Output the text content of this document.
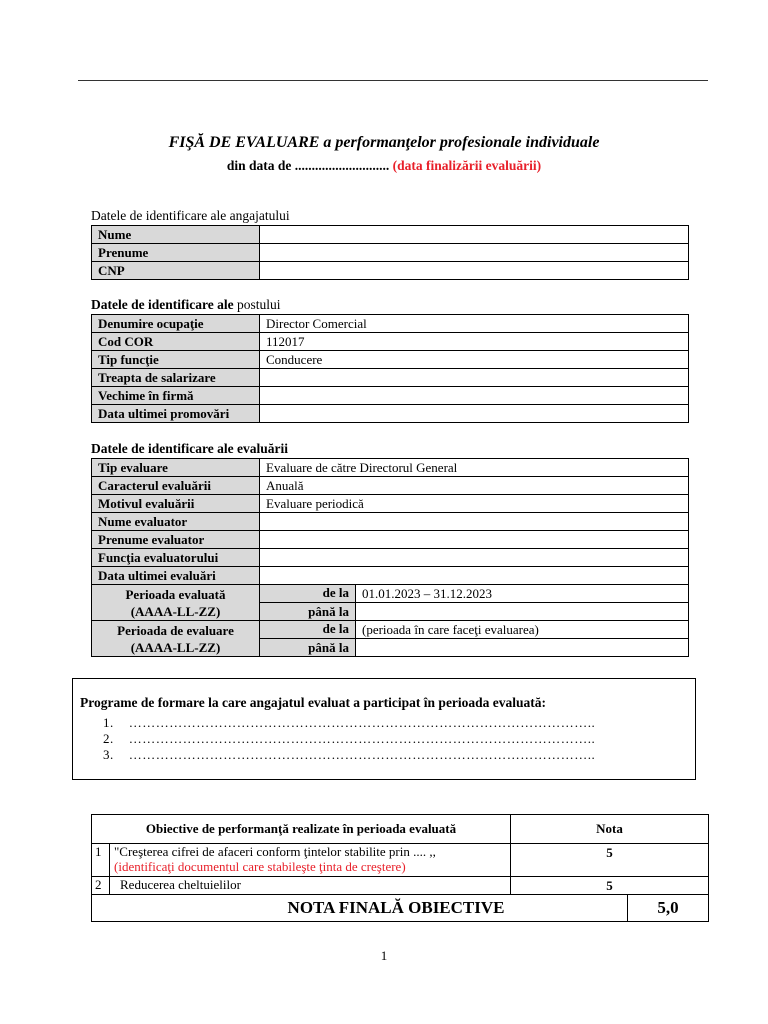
FIŞĂ DE EVALUARE a performanţelor profesionale individuale
din data de ............................ (data finalizării evaluării)
Datele de identificare ale angajatului
Nume	
Prenume	
CNP	
Datele de identificare ale postului
Denumire ocupaţie	Director Comercial
Cod COR	112017
Tip funcţie	Conducere
Treapta de salarizare	
Vechime în firmă	
Data ultimei promovări	
Datele de identificare ale evaluării
Tip evaluare	Evaluare de către Directorul General	
Caracterul evaluării	Anuală	
Motivul evaluării	Evaluare periodică	
Nume evaluator		
Prenume evaluator		
Funcţia evaluatorului		
Data ultimei evaluări		

Perioada evaluată
(AAAA-LL-ZZ)	de la	01.01.2023 – 31.12.2023
	până la	

Perioada de evaluare
(AAAA-LL-ZZ)	de la	(perioada în care faceţi evaluarea)
	până la	
Programe de formare la care angajatul evaluat a participat în perioada evaluată:
1. …………………………………………………………………………………………..
2. …………………………………………………………………………………………..
3. …………………………………………………………………………………………..
Obiective de performanţă realizate în perioada evaluată		Nota	
1	"Creşterea cifrei de afaceri conform ţintelor stabilite prin .... ,,
(identificaţi documentul care stabileşte ţinta de creştere)	5	
2	Reducerea cheltuielilor	5	
NOTA FINALĂ OBIECTIVE			5,0
1
